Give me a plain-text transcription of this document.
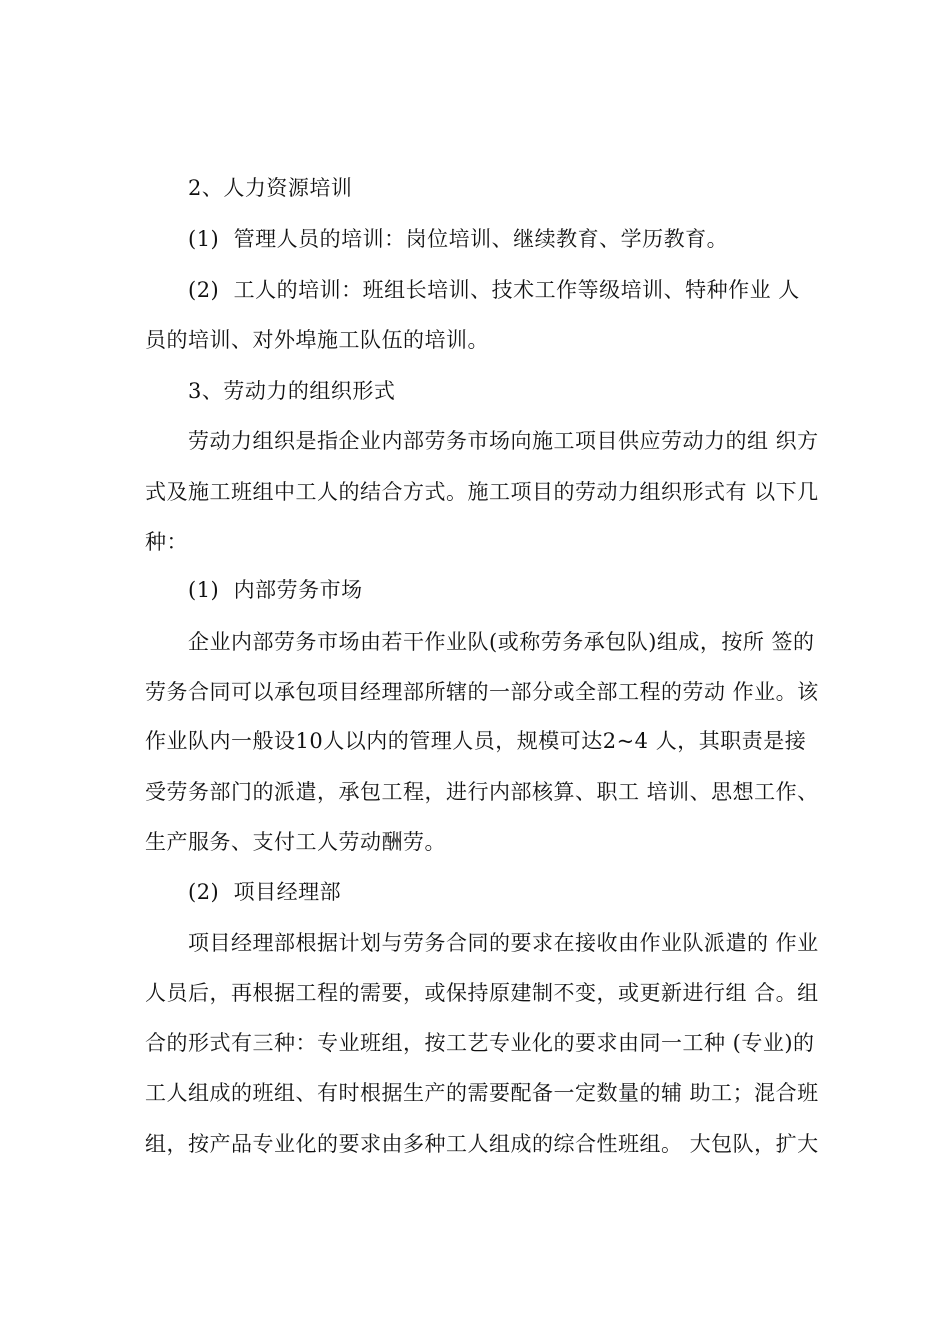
2、人力资源培训
(1)  管理人员的培训：岗位培训、继续教育、学历教育。
(2)  工人的培训：班组长培训、技术工作等级培训、特种作业 人
员的培训、对外埠施工队伍的培训。
3、劳动力的组织形式
劳动力组织是指企业内部劳务市场向施工项目供应劳动力的组 织方
式及施工班组中工人的结合方式。施工项目的劳动力组织形式有 以下几
种：
(1)  内部劳务市场
企业内部劳务市场由若干作业队(或称劳务承包队)组成，按所 签的
劳务合同可以承包项目经理部所辖的一部分或全部工程的劳动 作业。该
作业队内一般设10人以内的管理人员，规模可达2~4 人，其职责是接
受劳务部门的派遣，承包工程，进行内部核算、职工 培训、思想工作、
生产服务、支付工人劳动酬劳。
(2)  项目经理部
项目经理部根据计划与劳务合同的要求在接收由作业队派遣的 作业
人员后，再根据工程的需要，或保持原建制不变，或更新进行组 合。组
合的形式有三种：专业班组，按工艺专业化的要求由同一工种 (专业)的
工人组成的班组、有时根据生产的需要配备一定数量的辅 助工；混合班
组，按产品专业化的要求由多种工人组成的综合性班组。 大包队，扩大
